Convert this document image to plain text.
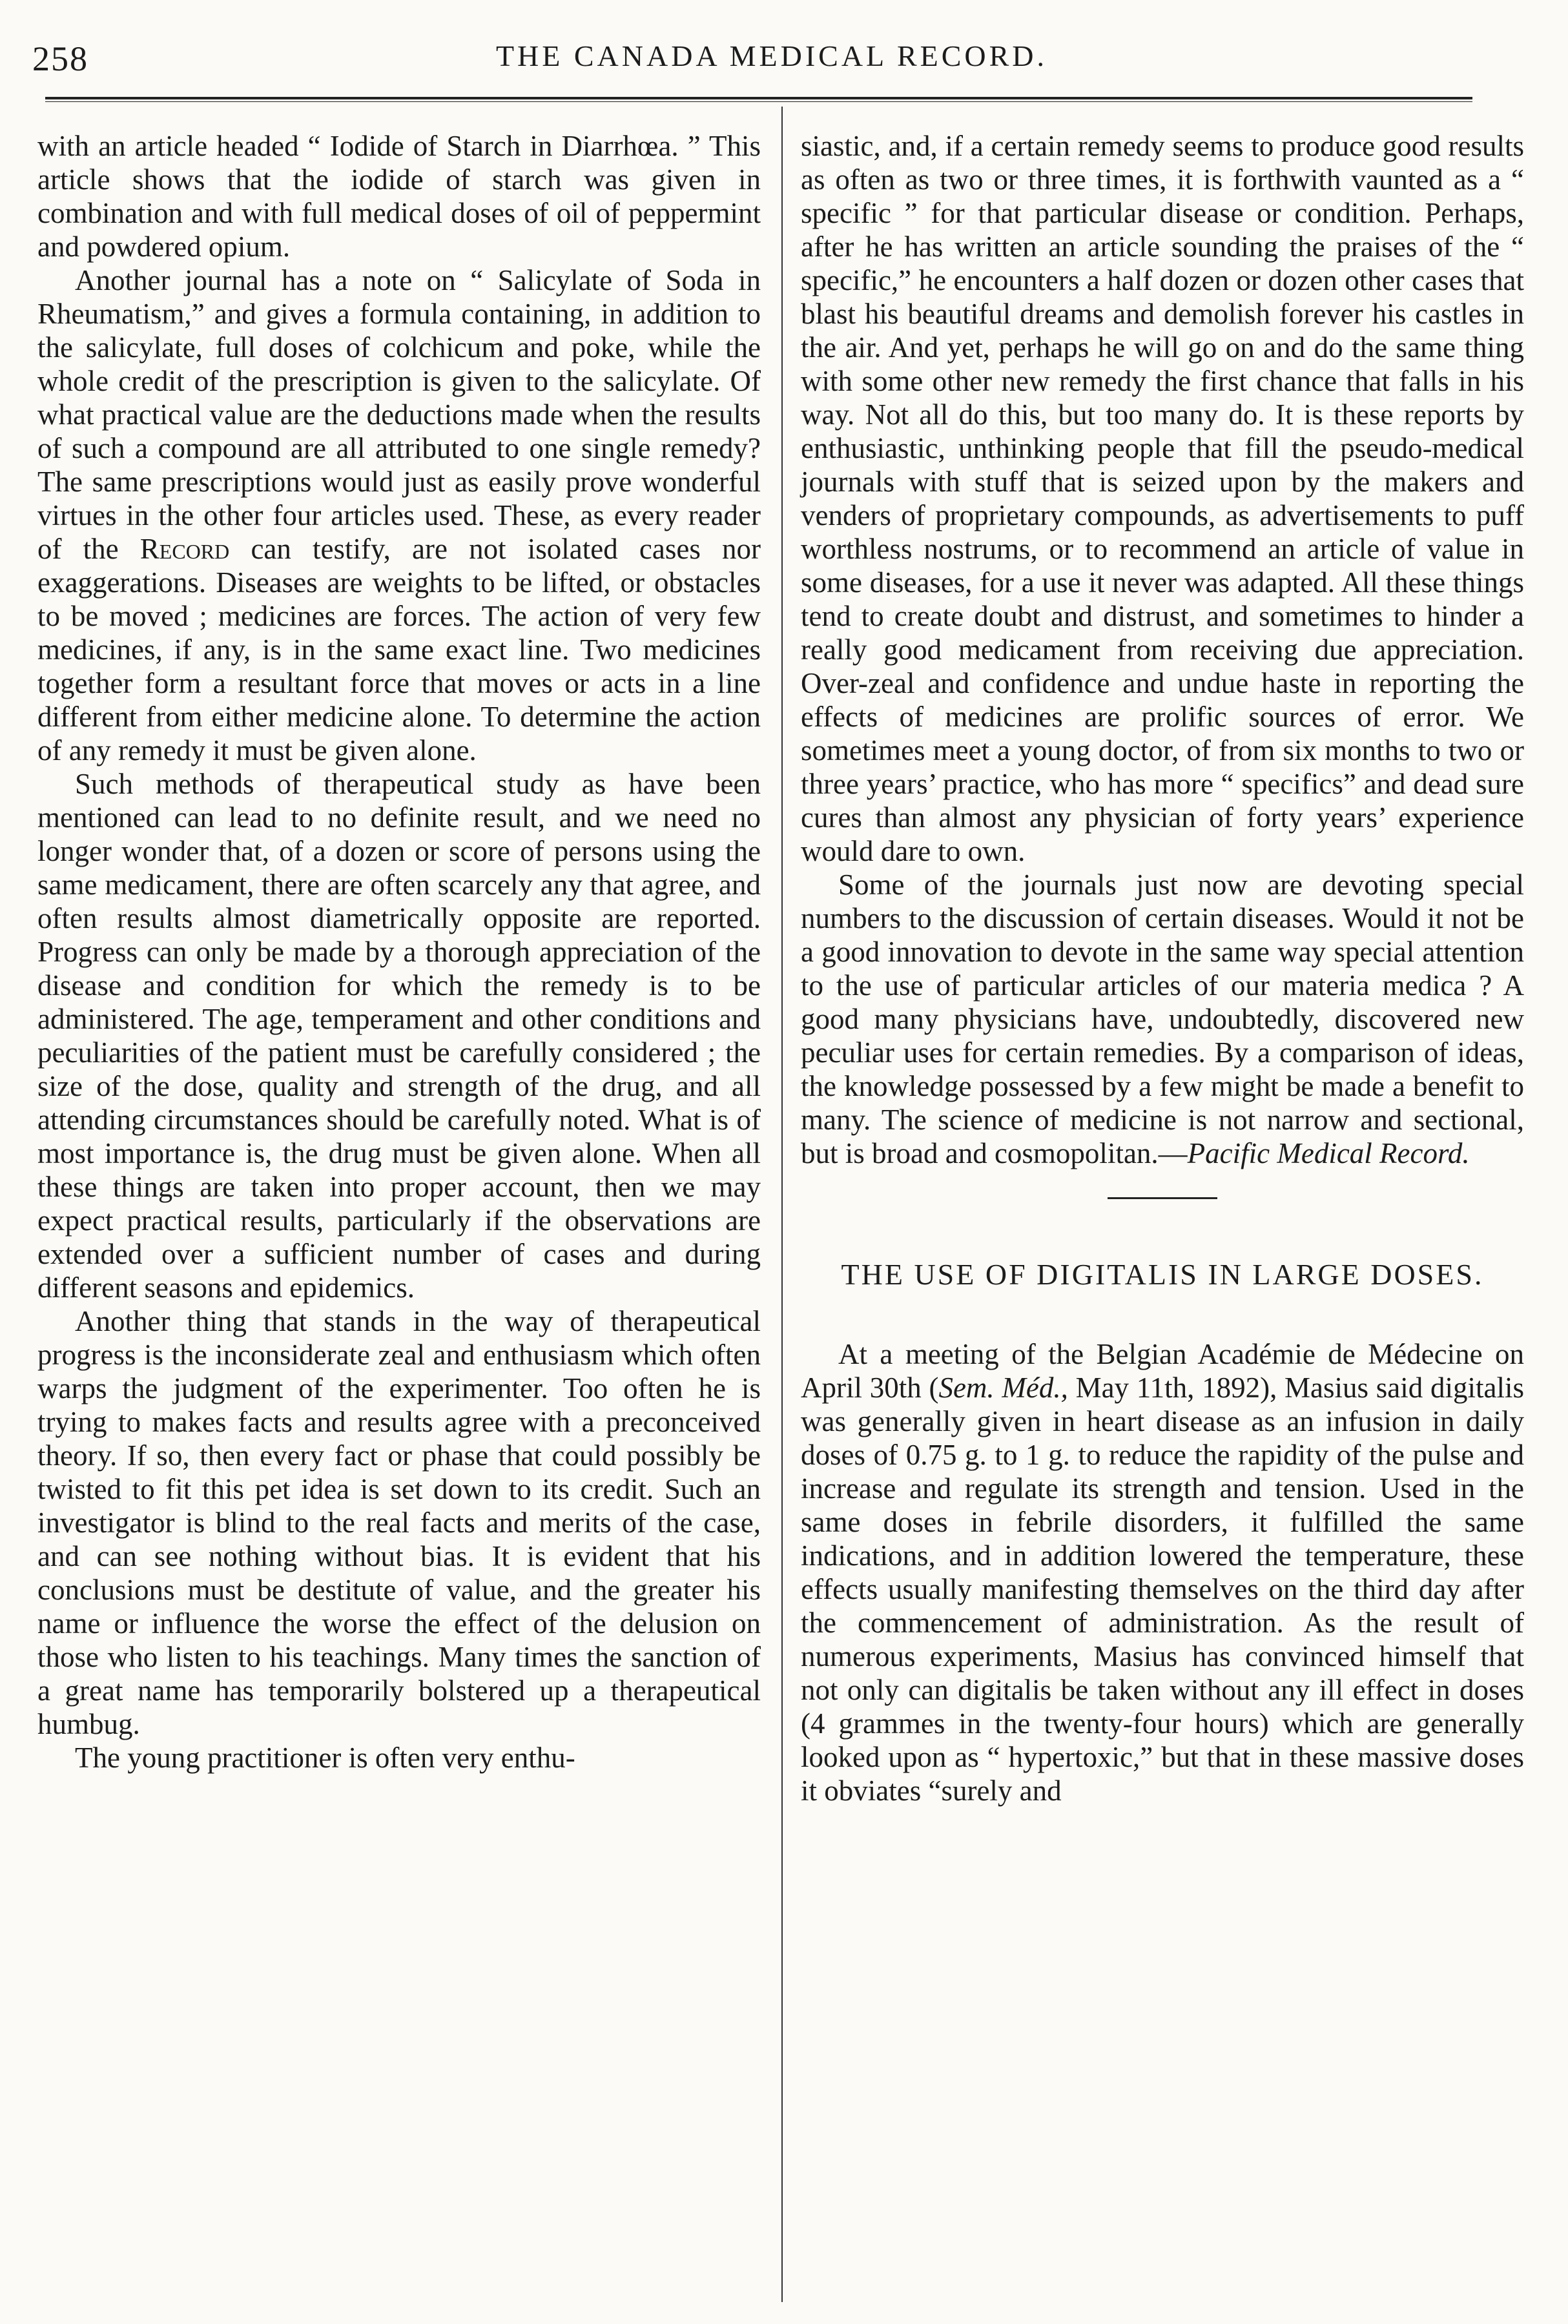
258	THE CANADA MEDICAL RECORD.

with an article headed “ Iodide of Starch in Diarrhœa. ” This article shows that the iodide of starch was given in combination and with full medical doses of oil of peppermint and powdered opium.

Another journal has a note on “ Salicylate of Soda in Rheumatism,” and gives a formula containing, in addition to the salicylate, full doses of colchicum and poke, while the whole credit of the prescription is given to the salicylate. Of what practical value are the deductions made when the results of such a compound are all attributed to one single remedy? The same prescriptions would just as easily prove wonderful virtues in the other four articles used. These, as every reader of the Record can testify, are not isolated cases nor exaggerations. Diseases are weights to be lifted, or obstacles to be moved ; medicines are forces. The action of very few medicines, if any, is in the same exact line. Two medicines together form a resultant force that moves or acts in a line different from either medicine alone. To determine the action of any remedy it must be given alone.

Such methods of therapeutical study as have been mentioned can lead to no definite result, and we need no longer wonder that, of a dozen or score of persons using the same medicament, there are often scarcely any that agree, and often results almost diametrically opposite are reported. Progress can only be made by a thorough appreciation of the disease and condition for which the remedy is to be administered. The age, temperament and other conditions and peculiarities of the patient must be carefully considered ; the size of the dose, quality and strength of the drug, and all attending circumstances should be carefully noted. What is of most importance is, the drug must be given alone. When all these things are taken into proper account, then we may expect practical results, particularly if the observations are extended over a sufficient number of cases and during different seasons and epidemics.

Another thing that stands in the way of therapeutical progress is the inconsiderate zeal and enthusiasm which often warps the judgment of the experimenter. Too often he is trying to makes facts and results agree with a preconceived theory. If so, then every fact or phase that could possibly be twisted to fit this pet idea is set down to its credit. Such an investigator is blind to the real facts and merits of the case, and can see nothing without bias. It is evident that his conclusions must be destitute of value, and the greater his name or influence the worse the effect of the delusion on those who listen to his teachings. Many times the sanction of a great name has temporarily bolstered up a therapeutical humbug.

The young practitioner is often very enthu-

siastic, and, if a certain remedy seems to produce good results as often as two or three times, it is forthwith vaunted as a “ specific ” for that particular disease or condition. Perhaps, after he has written an article sounding the praises of the “ specific,” he encounters a half dozen or dozen other cases that blast his beautiful dreams and demolish forever his castles in the air. And yet, perhaps he will go on and do the same thing with some other new remedy the first chance that falls in his way. Not all do this, but too many do. It is these reports by enthusiastic, unthinking people that fill the pseudo-medical journals with stuff that is seized upon by the makers and venders of proprietary compounds, as advertisements to puff worthless nostrums, or to recommend an article of value in some diseases, for a use it never was adapted. All these things tend to create doubt and distrust, and sometimes to hinder a really good medicament from receiving due appreciation. Over-zeal and confidence and undue haste in reporting the effects of medicines are prolific sources of error. We sometimes meet a young doctor, of from six months to two or three years’ practice, who has more “ specifics” and dead sure cures than almost any physician of forty years’ experience would dare to own.

Some of the journals just now are devoting special numbers to the discussion of certain diseases. Would it not be a good innovation to devote in the same way special attention to the use of particular articles of our materia medica ? A good many physicians have, undoubtedly, discovered new peculiar uses for certain remedies. By a comparison of ideas, the knowledge possessed by a few might be made a benefit to many. The science of medicine is not narrow and sectional, but is broad and cosmopolitan.—Pacific Medical Record.

THE USE OF DIGITALIS IN LARGE DOSES.

At a meeting of the Belgian Académie de Médecine on April 30th (Sem. Méd., May 11th, 1892), Masius said digitalis was generally given in heart disease as an infusion in daily doses of 0.75 g. to 1 g. to reduce the rapidity of the pulse and increase and regulate its strength and tension. Used in the same doses in febrile disorders, it fulfilled the same indications, and in addition lowered the temperature, these effects usually manifesting themselves on the third day after the commencement of administration. As the result of numerous experiments, Masius has convinced himself that not only can digitalis be taken without any ill effect in doses (4 grammes in the twenty-four hours) which are generally looked upon as “ hypertoxic,” but that in these massive doses it obviates “surely and
